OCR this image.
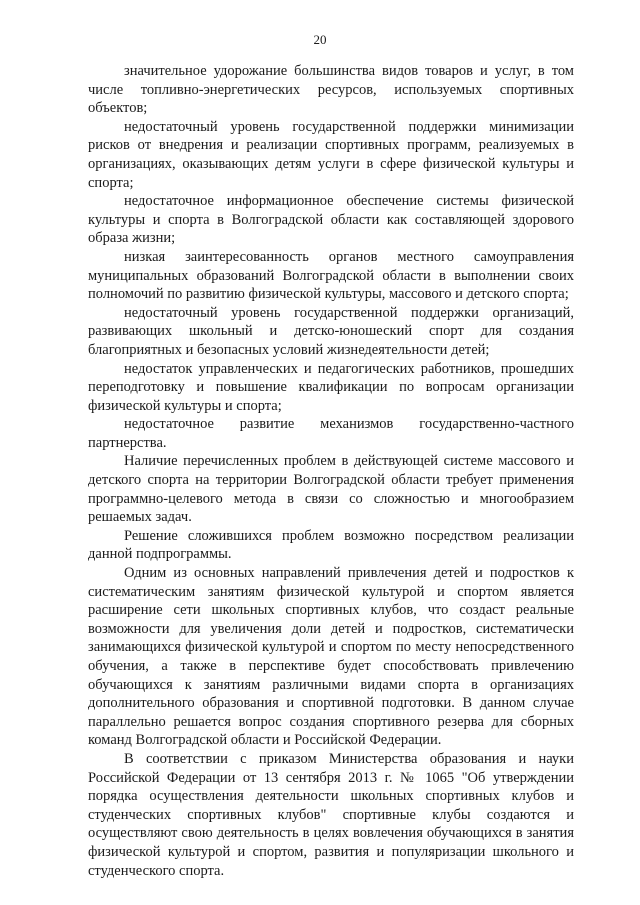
20

значительное удорожание большинства видов товаров и услуг, в том числе топливно-энергетических ресурсов, используемых спортивных объектов;

недостаточный уровень государственной поддержки минимизации рисков от внедрения и реализации спортивных программ, реализуемых в организациях, оказывающих детям услуги в сфере физической культуры и спорта;

недостаточное информационное обеспечение системы физической культуры и спорта в Волгоградской области как составляющей здорового образа жизни;

низкая заинтересованность органов местного самоуправления муниципальных образований Волгоградской области в выполнении своих полномочий по развитию физической культуры, массового и детского спорта;

недостаточный уровень государственной поддержки организаций, развивающих школьный и детско-юношеский спорт для создания благоприятных и безопасных условий жизнедеятельности детей;

недостаток управленческих и педагогических работников, прошедших переподготовку и повышение квалификации по вопросам организации физической культуры и спорта;

недостаточное развитие механизмов государственно-частного партнерства.

Наличие перечисленных проблем в действующей системе массового и детского спорта на территории Волгоградской области требует применения программно-целевого метода в связи со сложностью и многообразием решаемых задач.

Решение сложившихся проблем возможно посредством реализации данной подпрограммы.

Одним из основных направлений привлечения детей и подростков к систематическим занятиям физической культурой и спортом является расширение сети школьных спортивных клубов, что создаст реальные возможности для увеличения доли детей и подростков, систематически занимающихся физической культурой и спортом по месту непосредственного обучения, а также в перспективе будет способствовать привлечению обучающихся к занятиям различными видами спорта в организациях дополнительного образования и спортивной подготовки. В данном случае параллельно решается вопрос создания спортивного резерва для сборных команд Волгоградской области и Российской Федерации.

В соответствии с приказом Министерства образования и науки Российской Федерации от 13 сентября 2013 г. № 1065 "Об утверждении порядка осуществления деятельности школьных спортивных клубов и студенческих спортивных клубов" спортивные клубы создаются и осуществляют свою деятельность в целях вовлечения обучающихся в занятия физической культурой и спортом, развития и популяризации школьного и студенческого спорта.
